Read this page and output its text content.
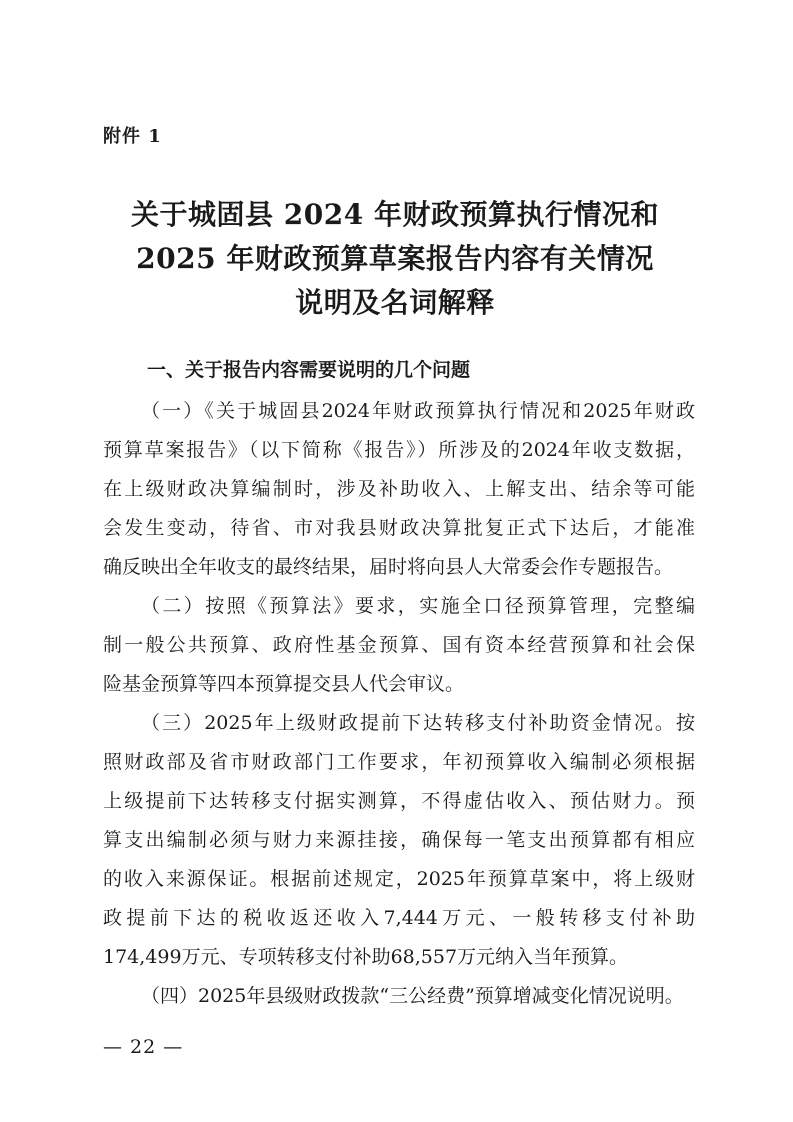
附件 1
关于城固县 2024 年财政预算执行情况和
2025 年财政预算草案报告内容有关情况
说明及名词解释
一、关于报告内容需要说明的几个问题
（一）《关于城固县2024年财政预算执行情况和2025年财政
预算草案报告》（以下简称《报告》）所涉及的2024年收支数据，
在上级财政决算编制时，涉及补助收入、上解支出、结余等可能
会发生变动，待省、市对我县财政决算批复正式下达后，才能准
确反映出全年收支的最终结果，届时将向县人大常委会作专题报告。
（二）按照《预算法》要求，实施全口径预算管理，完整编
制一般公共预算、政府性基金预算、国有资本经营预算和社会保
险基金预算等四本预算提交县人代会审议。
（三）2025年上级财政提前下达转移支付补助资金情况。按
照财政部及省市财政部门工作要求，年初预算收入编制必须根据
上级提前下达转移支付据实测算，不得虚估收入、预估财力。预
算支出编制必须与财力来源挂接，确保每一笔支出预算都有相应
的收入来源保证。根据前述规定，2025年预算草案中，将上级财
政提前下达的税收返还收入7,444万元、一般转移支付补助
174,499万元、专项转移支付补助68,557万元纳入当年预算。
（四）2025年县级财政拨款“三公经费”预算增减变化情况说明。
— 22 —
